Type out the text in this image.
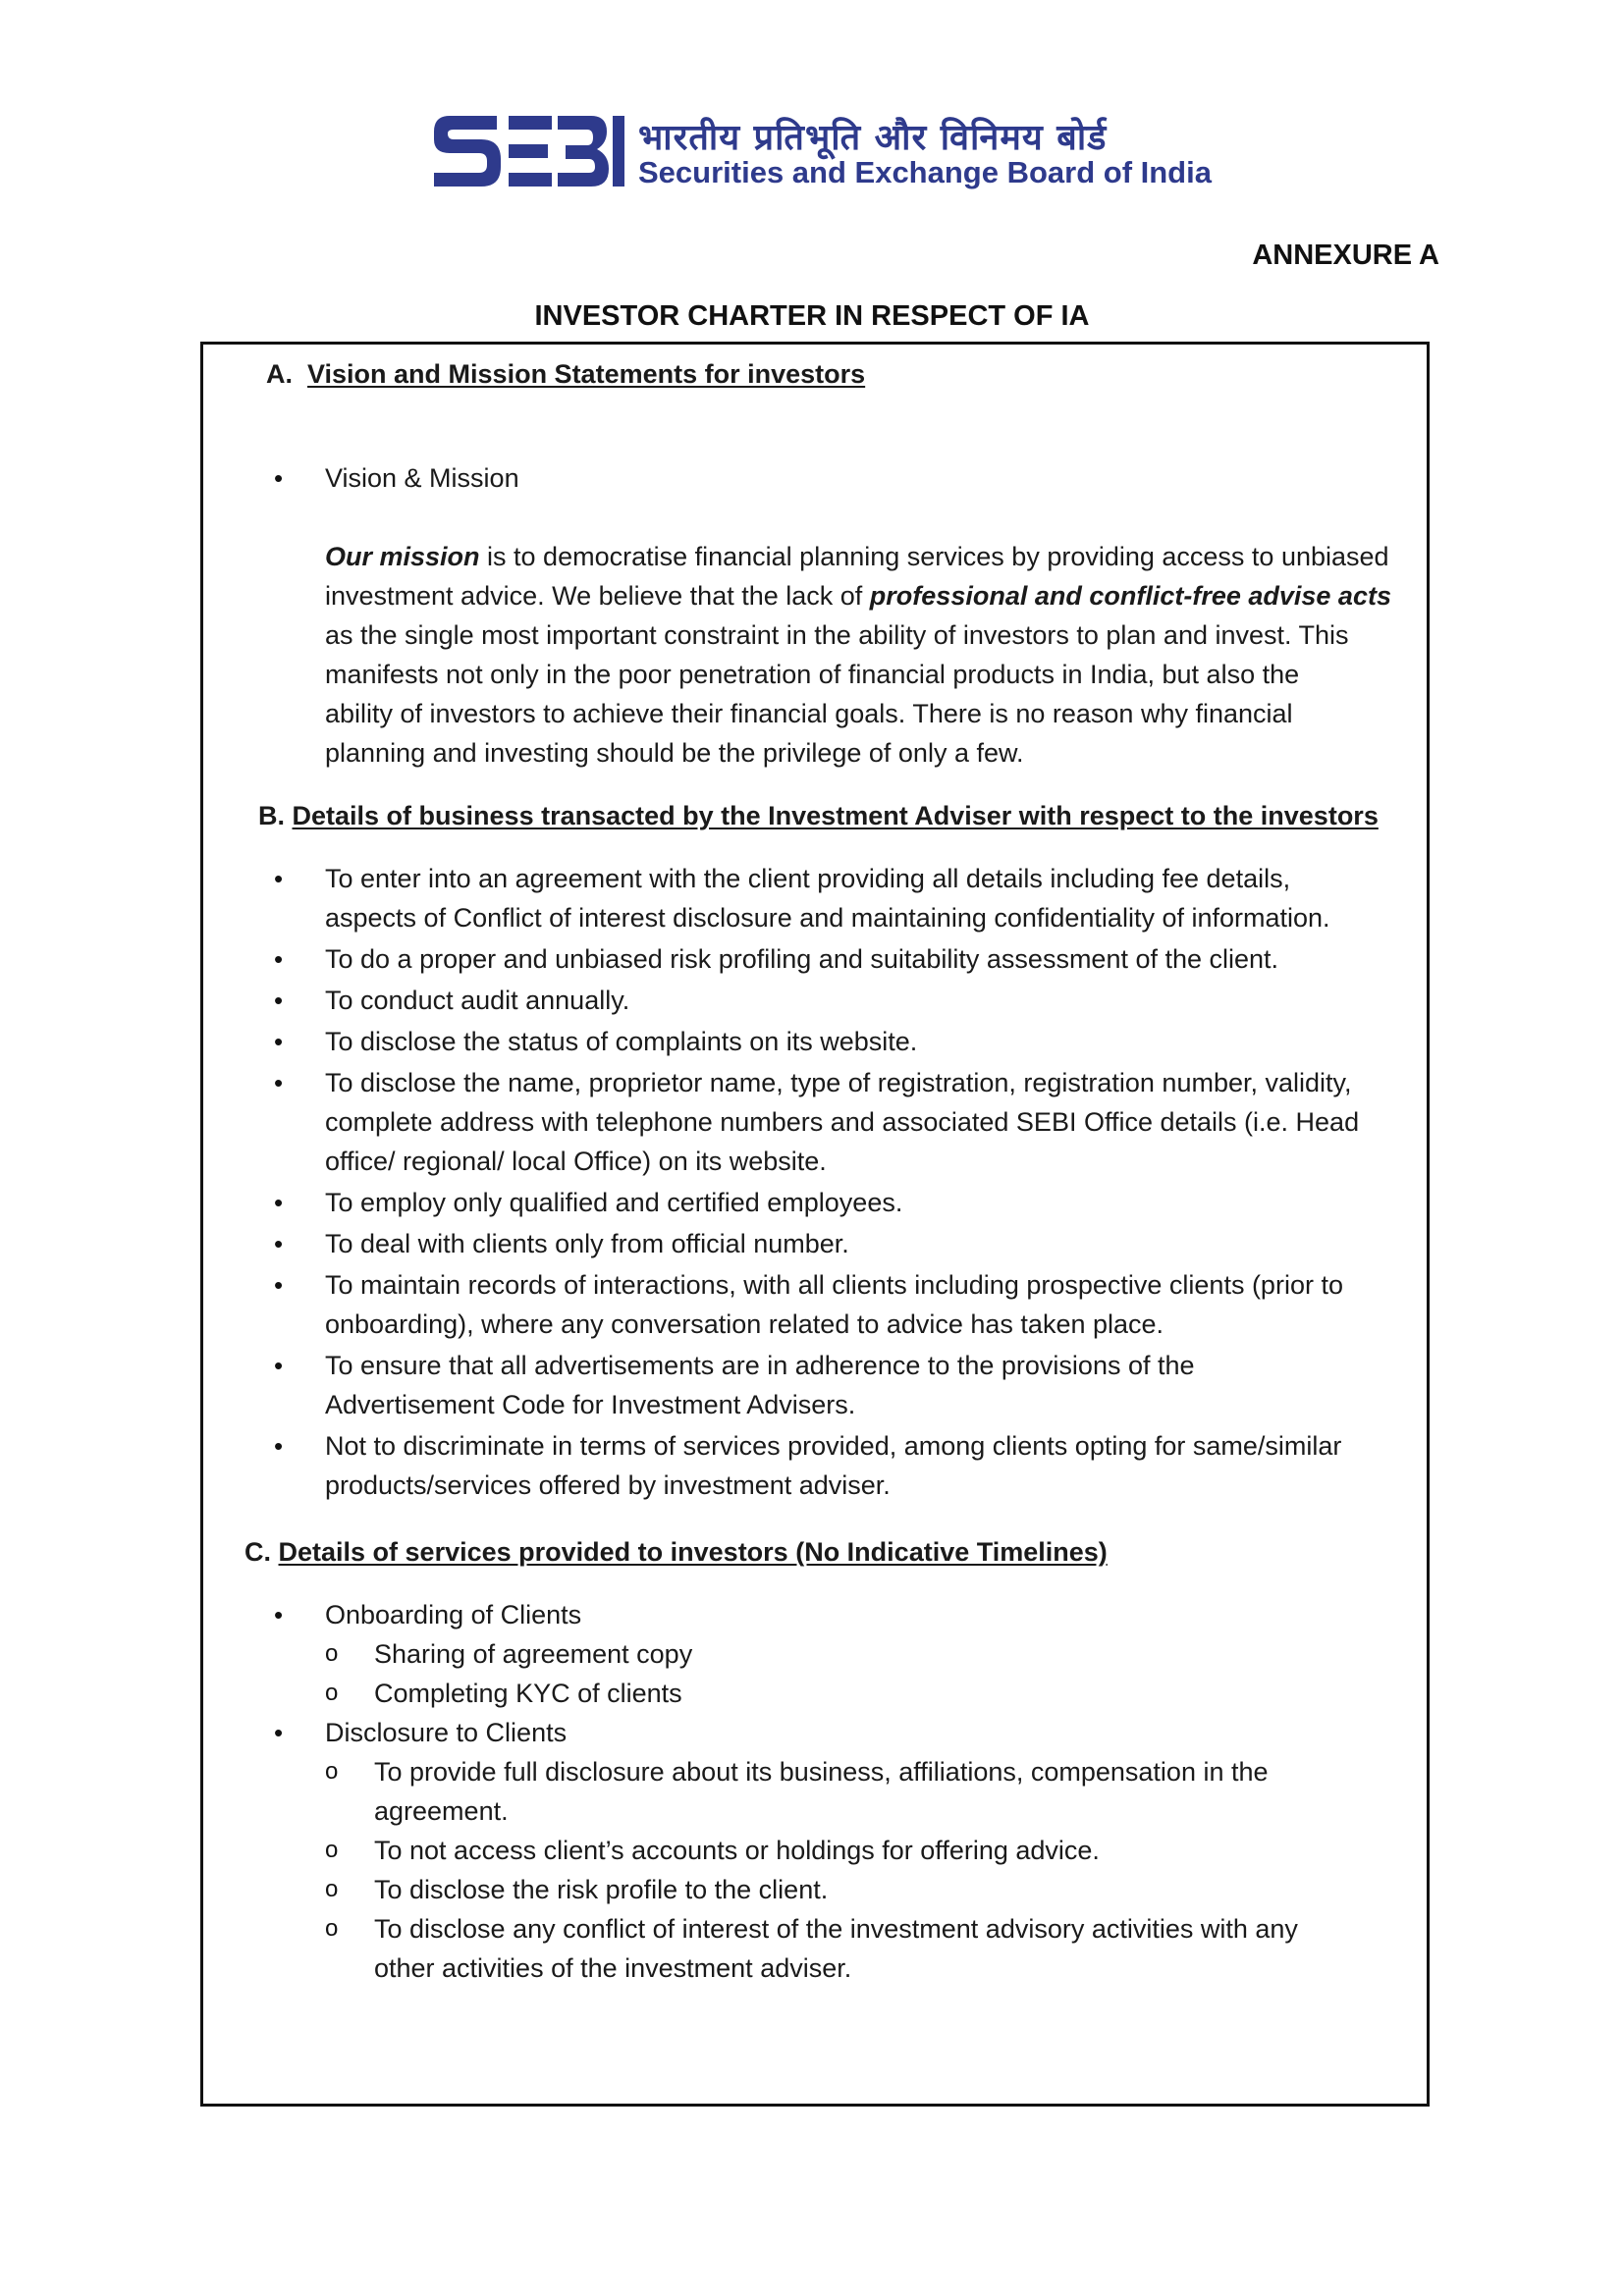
भारतीय प्रतिभूति और विनिमय बोर्ड
Securities and Exchange Board of India
ANNEXURE A
INVESTOR CHARTER IN RESPECT OF IA
A. Vision and Mission Statements for investors
• Vision & Mission
Our mission is to democratise financial planning services by providing access to unbiased
investment advice. We believe that the lack of professional and conflict-free advise acts
as the single most important constraint in the ability of investors to plan and invest. This
manifests not only in the poor penetration of financial products in India, but also the
ability of investors to achieve their financial goals. There is no reason why financial
planning and investing should be the privilege of only a few.
B. Details of business transacted by the Investment Adviser with respect to the investors
• To enter into an agreement with the client providing all details including fee details,
aspects of Conflict of interest disclosure and maintaining confidentiality of information.
• To do a proper and unbiased risk profiling and suitability assessment of the client.
• To conduct audit annually.
• To disclose the status of complaints on its website.
• To disclose the name, proprietor name, type of registration, registration number, validity,
complete address with telephone numbers and associated SEBI Office details (i.e. Head
office/ regional/ local Office) on its website.
• To employ only qualified and certified employees.
• To deal with clients only from official number.
• To maintain records of interactions, with all clients including prospective clients (prior to
onboarding), where any conversation related to advice has taken place.
• To ensure that all advertisements are in adherence to the provisions of the
Advertisement Code for Investment Advisers.
• Not to discriminate in terms of services provided, among clients opting for same/similar
products/services offered by investment adviser.
C. Details of services provided to investors (No Indicative Timelines)
• Onboarding of Clients
o Sharing of agreement copy
o Completing KYC of clients
• Disclosure to Clients
o To provide full disclosure about its business, affiliations, compensation in the
agreement.
o To not access client’s accounts or holdings for offering advice.
o To disclose the risk profile to the client.
o To disclose any conflict of interest of the investment advisory activities with any
other activities of the investment adviser.
